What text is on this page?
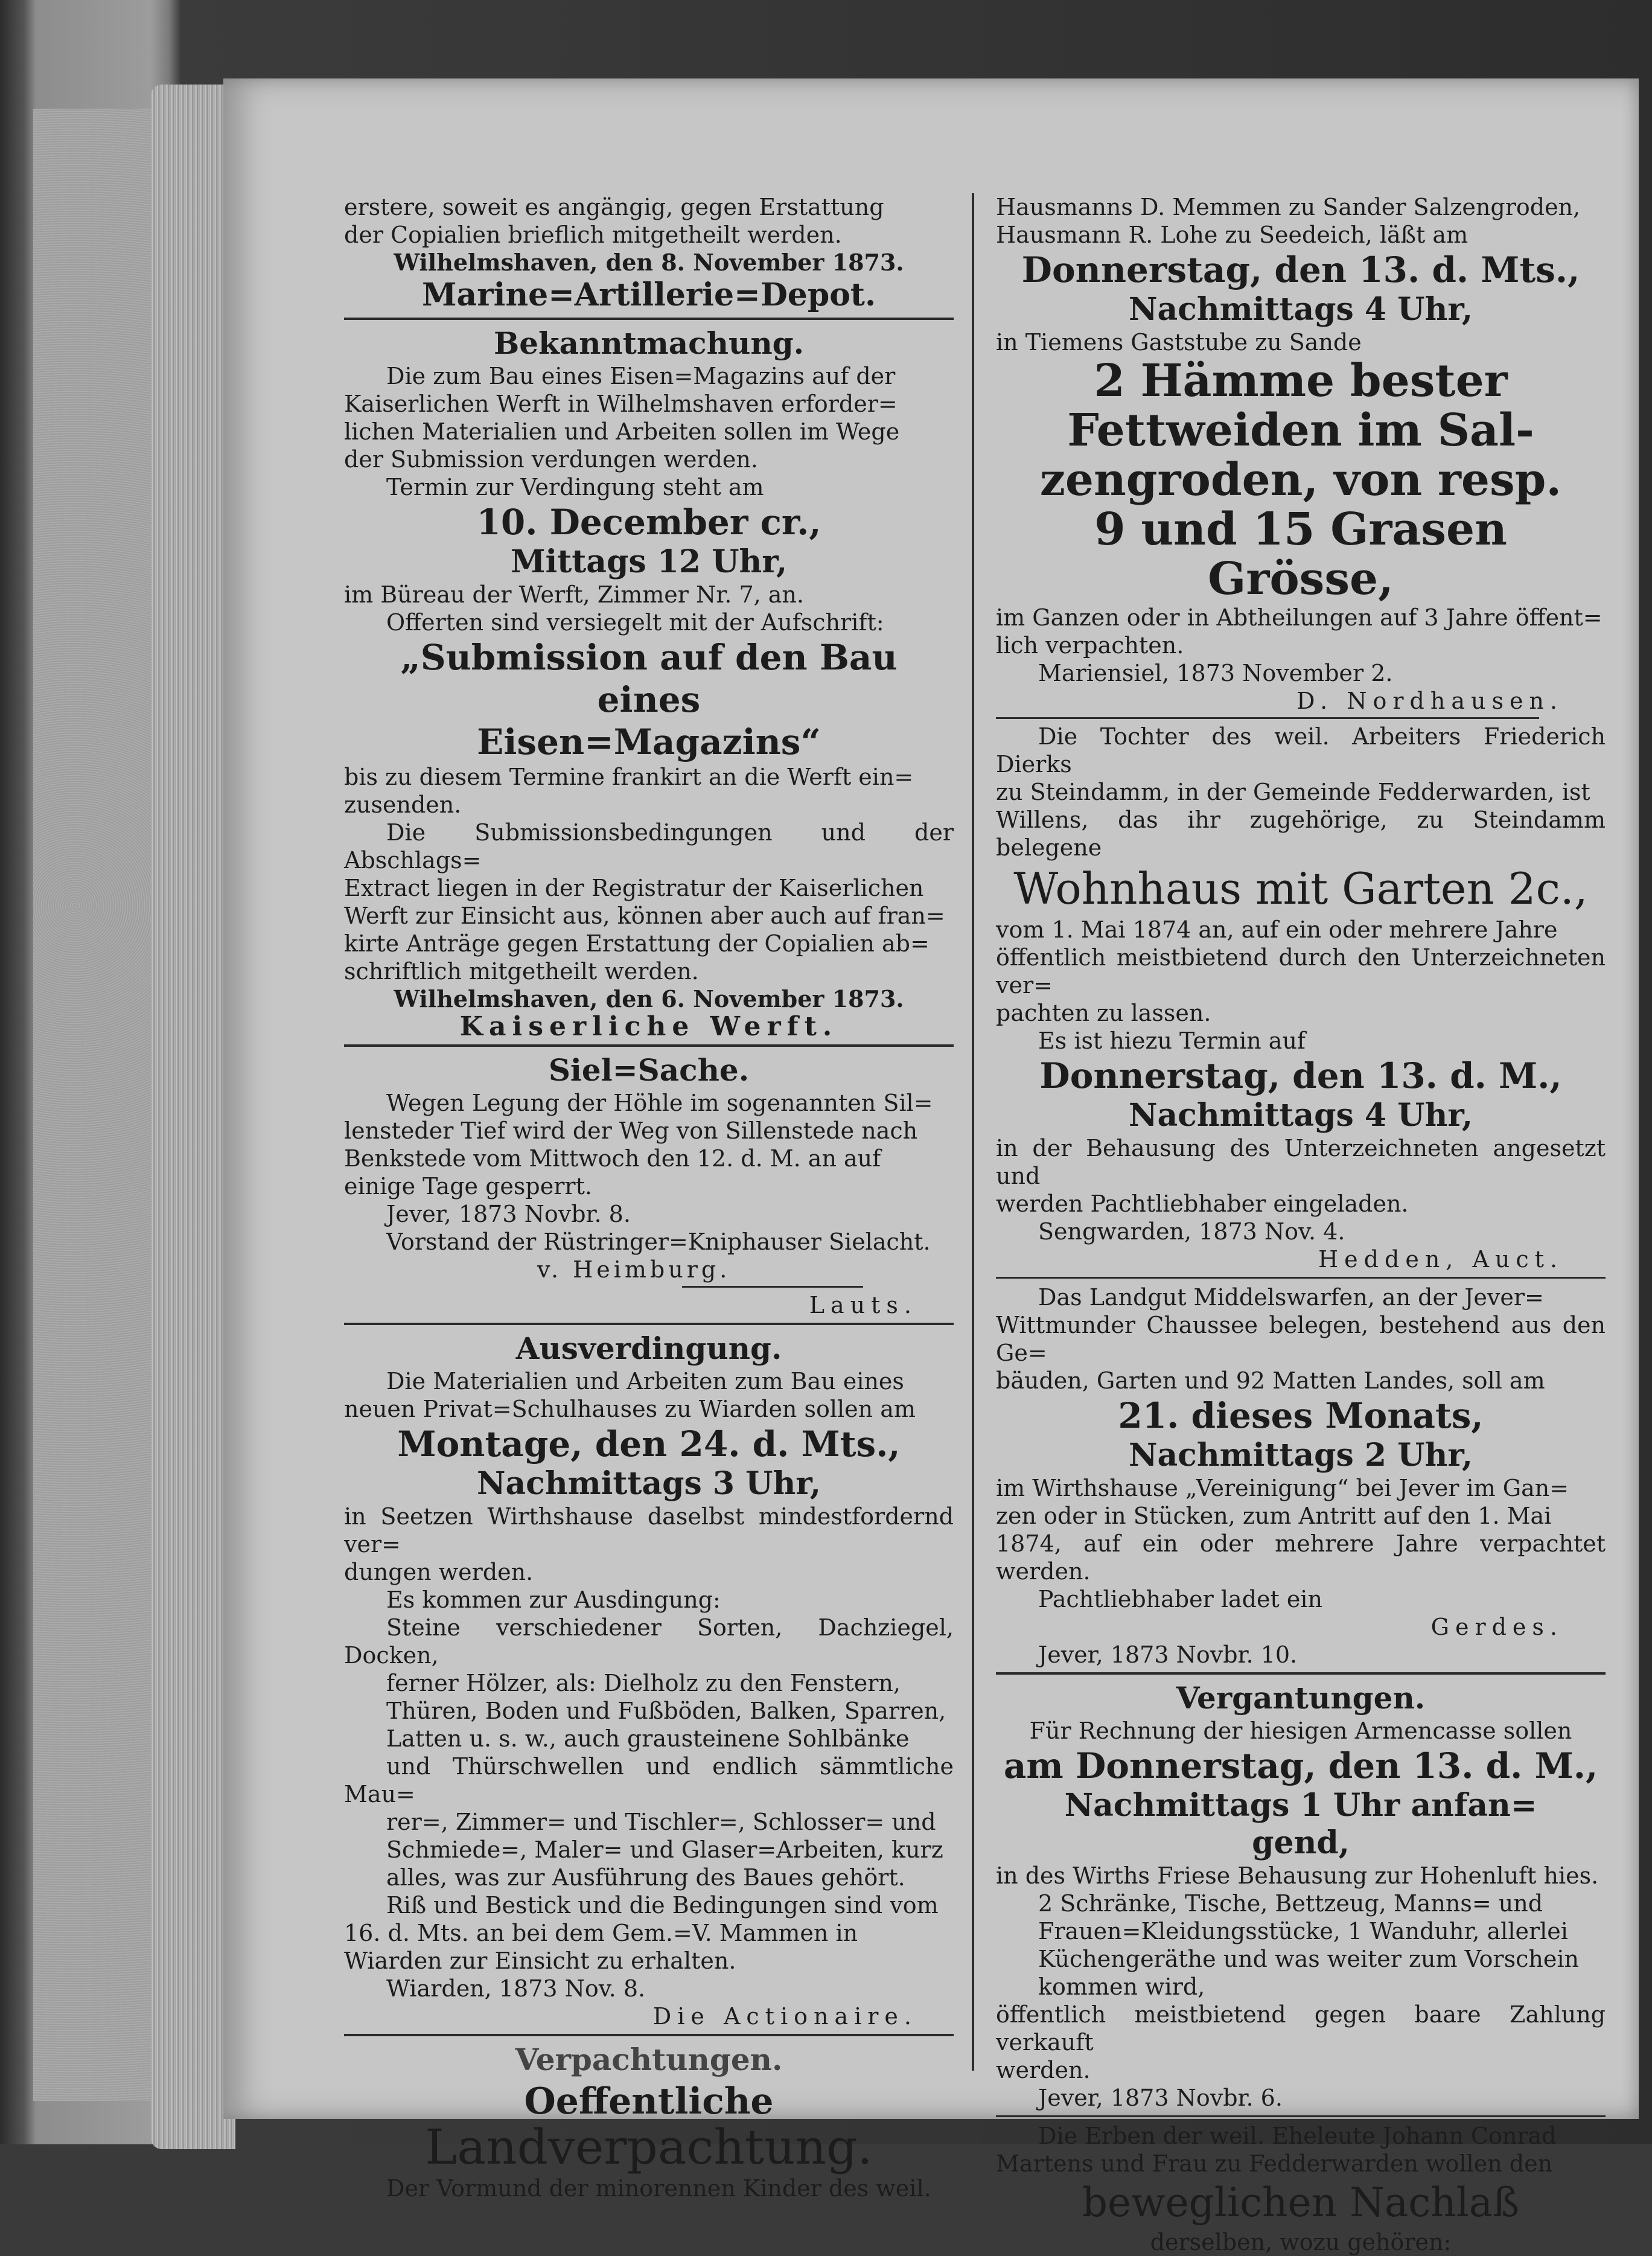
erstere, soweit es angängig, gegen Erstattung

der Copialien brieflich mitgetheilt werden.

Wilhelmshaven, den 8. November 1873.

Marine=Artillerie=Depot.

Bekanntmachung.

Die zum Bau eines Eisen=Magazins auf der

Kaiserlichen Werft in Wilhelmshaven erforder=

lichen Materialien und Arbeiten sollen im Wege

der Submission verdungen werden.

Termin zur Verdingung steht am

10. December cr.,

Mittags 12 Uhr,

im Büreau der Werft, Zimmer Nr. 7, an.

Offerten sind versiegelt mit der Aufschrift:

„Submission auf den Bau eines

Eisen=Magazins“

bis zu diesem Termine frankirt an die Werft ein=

zusenden.

Die Submissionsbedingungen und der Abschlags=

Extract liegen in der Registratur der Kaiserlichen

Werft zur Einsicht aus, können aber auch auf fran=

kirte Anträge gegen Erstattung der Copialien ab=

schriftlich mitgetheilt werden.

Wilhelmshaven, den 6. November 1873.

Kaiserliche Werft.

Siel=Sache.

Wegen Legung der Höhle im sogenannten Sil=

lensteder Tief wird der Weg von Sillenstede nach

Benkstede vom Mittwoch den 12. d. M. an auf

einige Tage gesperrt.

Jever, 1873 Novbr. 8.

Vorstand der Rüstringer=Kniphauser Sielacht.

v. Heimburg.

Lauts.

Ausverdingung.

Die Materialien und Arbeiten zum Bau eines

neuen Privat=Schulhauses zu Wiarden sollen am

Montage, den 24. d. Mts.,

Nachmittags 3 Uhr,

in Seetzen Wirthshause daselbst mindestfordernd ver=

dungen werden.

Es kommen zur Ausdingung:

Steine verschiedener Sorten, Dachziegel, Docken,

ferner Hölzer, als: Dielholz zu den Fenstern,

Thüren, Boden und Fußböden, Balken, Sparren,

Latten u. s. w., auch grausteinene Sohlbänke

und Thürschwellen und endlich sämmtliche Mau=

rer=, Zimmer= und Tischler=, Schlosser= und

Schmiede=, Maler= und Glaser=Arbeiten, kurz

alles, was zur Ausführung des Baues gehört.

Riß und Bestick und die Bedingungen sind vom

16. d. Mts. an bei dem Gem.=V. Mammen in

Wiarden zur Einsicht zu erhalten.

Wiarden, 1873 Nov. 8.

Die Actionaire.

Verpachtungen.

Oeffentliche Landverpachtung.

Der Vormund der minorennen Kinder des weil.

Hausmanns D. Memmen zu Sander Salzengroden,

Hausmann R. Lohe zu Seedeich, läßt am

Donnerstag, den 13. d. Mts.,

Nachmittags 4 Uhr,

in Tiemens Gaststube zu Sande

2 Hämme bester

Fettweiden im Sal-

zengroden, von resp.

9 und 15 Grasen

Grösse,

im Ganzen oder in Abtheilungen auf 3 Jahre öffent=

lich verpachten.

Mariensiel, 1873 November 2.

D. Nordhausen.

Die Tochter des weil. Arbeiters Friederich Dierks

zu Steindamm, in der Gemeinde Fedderwarden, ist

Willens, das ihr zugehörige, zu Steindamm belegene

Wohnhaus mit Garten 2c.,

vom 1. Mai 1874 an, auf ein oder mehrere Jahre

öffentlich meistbietend durch den Unterzeichneten ver=

pachten zu lassen.

Es ist hiezu Termin auf

Donnerstag, den 13. d. M.,

Nachmittags 4 Uhr,

in der Behausung des Unterzeichneten angesetzt und

werden Pachtliebhaber eingeladen.

Sengwarden, 1873 Nov. 4.

Hedden, Auct.

Das Landgut Middelswarfen, an der Jever=

Wittmunder Chaussee belegen, bestehend aus den Ge=

bäuden, Garten und 92 Matten Landes, soll am

21. dieses Monats,

Nachmittags 2 Uhr,

im Wirthshause „Vereinigung“ bei Jever im Gan=

zen oder in Stücken, zum Antritt auf den 1. Mai

1874, auf ein oder mehrere Jahre verpachtet werden.

Pachtliebhaber ladet ein

Gerdes.

Jever, 1873 Novbr. 10.

Vergantungen.

Für Rechnung der hiesigen Armencasse sollen

am Donnerstag, den 13. d. M.,

Nachmittags 1 Uhr anfan=

gend,

in des Wirths Friese Behausung zur Hohenluft hies.

2 Schränke, Tische, Bettzeug, Manns= und

Frauen=Kleidungsstücke, 1 Wanduhr, allerlei

Küchengeräthe und was weiter zum Vorschein

kommen wird,

öffentlich meistbietend gegen baare Zahlung verkauft

werden.

Jever, 1873 Novbr. 6.

Die Erben der weil. Eheleute Johann Conrad

Martens und Frau zu Fedderwarden wollen den

beweglichen Nachlaß

derselben, wozu gehören:
